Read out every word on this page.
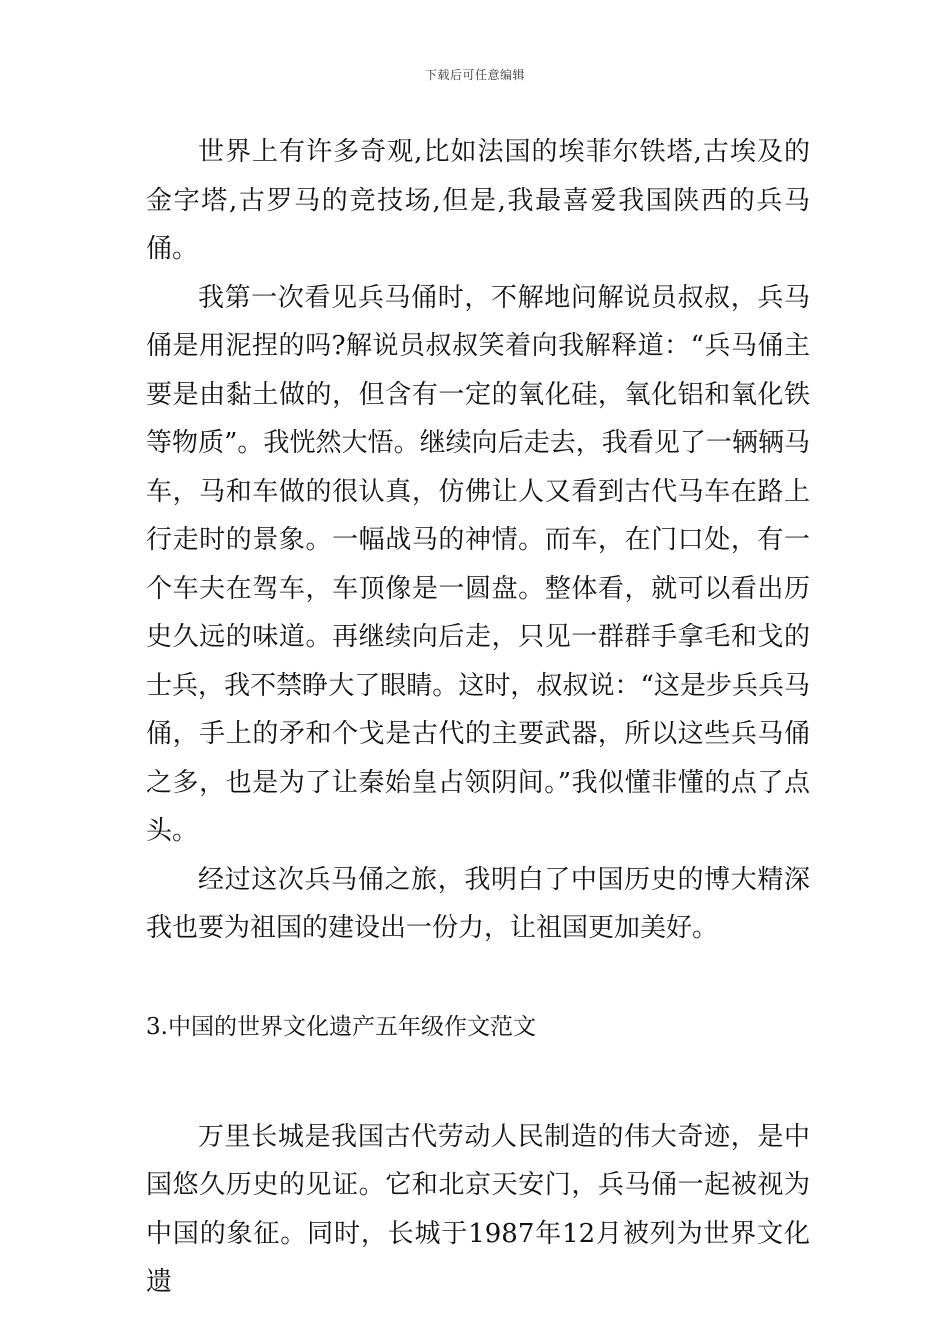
下载后可任意编辑

世界上有许多奇观,比如法国的埃菲尔铁塔,古埃及的金字塔,古罗马的竞技场,但是,我最喜爱我国陕西的兵马俑。

我第一次看见兵马俑时，不解地问解说员叔叔，兵马俑是用泥捏的吗?解说员叔叔笑着向我解释道：“兵马俑主要是由黏土做的，但含有一定的氧化硅，氧化铝和氧化铁等物质”。我恍然大悟。继续向后走去，我看见了一辆辆马车，马和车做的很认真，仿佛让人又看到古代马车在路上行走时的景象。一幅战马的神情。而车，在门口处，有一个车夫在驾车，车顶像是一圆盘。整体看，就可以看出历史久远的味道。再继续向后走，只见一群群手拿毛和戈的士兵，我不禁睁大了眼睛。这时，叔叔说：“这是步兵兵马俑，手上的矛和个戈是古代的主要武器，所以这些兵马俑之多，也是为了让秦始皇占领阴间。”我似懂非懂的点了点头。

经过这次兵马俑之旅，我明白了中国历史的博大精深我也要为祖国的建设出一份力，让祖国更加美好。

3.中国的世界文化遗产五年级作文范文

万里长城是我国古代劳动人民制造的伟大奇迹，是中国悠久历史的见证。它和北京天安门，兵马俑一起被视为中国的象征。同时，长城于1987年12月被列为世界文化遗
